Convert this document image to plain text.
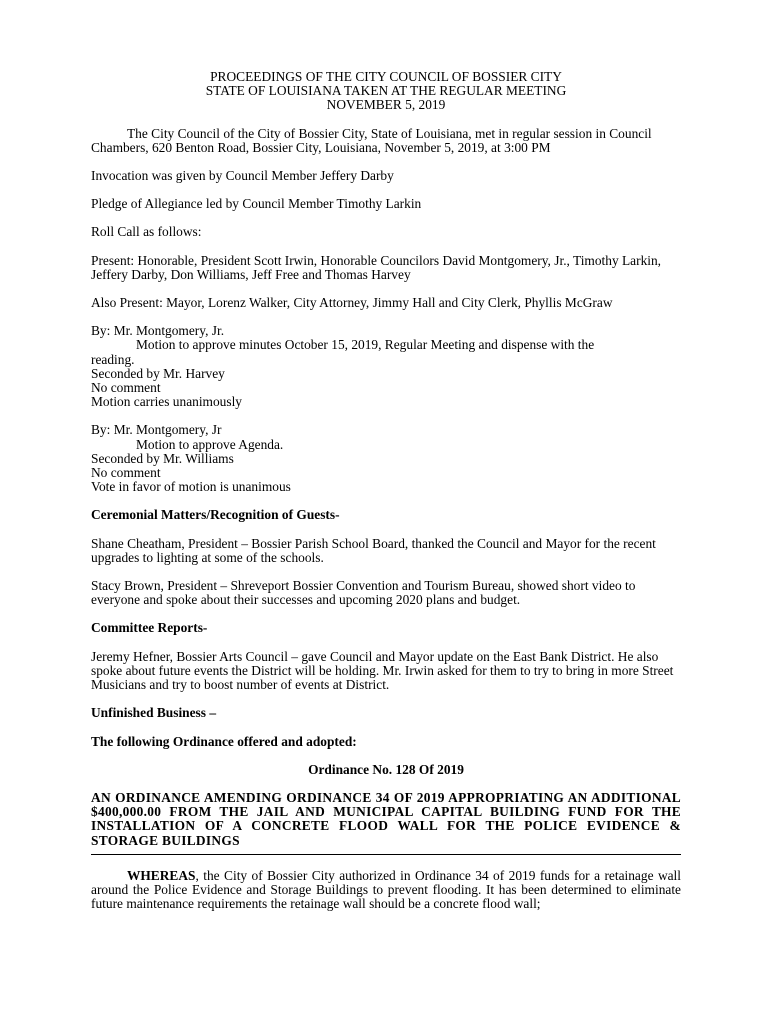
PROCEEDINGS OF THE CITY COUNCIL OF BOSSIER CITY

STATE OF LOUISIANA TAKEN AT THE REGULAR MEETING

NOVEMBER 5, 2019

The City Council of the City of Bossier City, State of Louisiana, met in regular session in Council Chambers, 620 Benton Road, Bossier City, Louisiana, November 5, 2019, at 3:00 PM

Invocation was given by Council Member Jeffery Darby

Pledge of Allegiance led by Council Member Timothy Larkin

Roll Call as follows:

Present: Honorable, President Scott Irwin, Honorable Councilors David Montgomery, Jr., Timothy Larkin, Jeffery Darby, Don Williams, Jeff Free and Thomas Harvey

Also Present: Mayor, Lorenz Walker, City Attorney, Jimmy Hall and City Clerk, Phyllis McGraw

By: Mr. Montgomery, Jr.

Motion to approve minutes October 15, 2019, Regular Meeting and dispense with the

reading.

Seconded by Mr. Harvey

No comment

Motion carries unanimously

By: Mr. Montgomery, Jr

Motion to approve Agenda.

Seconded by Mr. Williams

No comment

Vote in favor of motion is unanimous

Ceremonial Matters/Recognition of Guests-

Shane Cheatham, President – Bossier Parish School Board, thanked the Council and Mayor for the recent upgrades to lighting at some of the schools.

Stacy Brown, President – Shreveport Bossier Convention and Tourism Bureau, showed short video to everyone and spoke about their successes and upcoming 2020 plans and budget.

Committee Reports-

Jeremy Hefner, Bossier Arts Council – gave Council and Mayor update on the East Bank District. He also spoke about future events the District will be holding. Mr. Irwin asked for them to try to bring in more Street Musicians and try to boost number of events at District.

Unfinished Business –

The following Ordinance offered and adopted:

Ordinance No. 128 Of 2019

AN ORDINANCE AMENDING ORDINANCE 34 OF 2019 APPROPRIATING AN ADDITIONAL $400,000.00 FROM THE JAIL AND MUNICIPAL CAPITAL BUILDING FUND FOR THE INSTALLATION OF A CONCRETE FLOOD WALL FOR THE POLICE EVIDENCE & STORAGE BUILDINGS

WHEREAS, the City of Bossier City authorized in Ordinance 34 of 2019 funds for a retainage wall around the Police Evidence and Storage Buildings to prevent flooding. It has been determined to eliminate future maintenance requirements the retainage wall should be a concrete flood wall;
